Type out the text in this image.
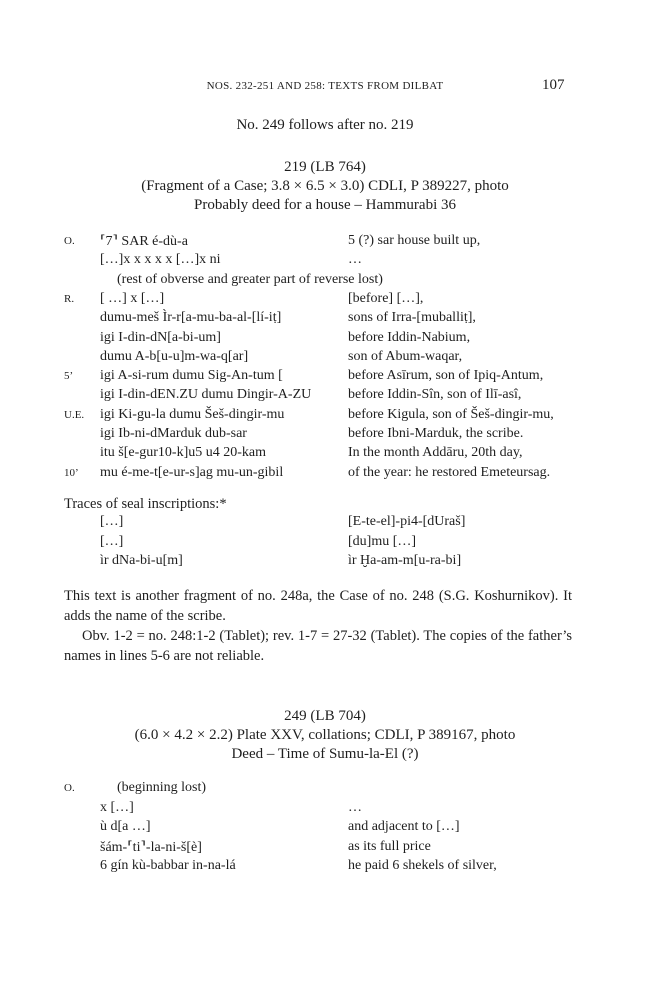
NOS. 232-251 AND 258: TEXTS FROM DILBAT	107
No. 249 follows after no. 219
219 (LB 764)
(Fragment of a Case; 3.8 × 6.5 × 3.0) CDLI, P 389227, photo
Probably deed for a house – Hammurabi 36
O. ⸢7⸣ SAR é-dù-a	5 (?) sar house built up,
[…]x x x x x […]x ni	…
(rest of obverse and greater part of reverse lost)
R. [ …] x […]	[before] […],
dumu-meš Ìr-r[a-mu-ba-al-[lí-iṭ]	sons of Irra-[muballiṭ],
igi I-din-dN[a-bi-um]	before Iddin-Nabium,
dumu A-b[u-u]m-wa-q[ar]	son of Abum-waqar,
5’ igi A-si-rum dumu Sig-An-tum [	before Asīrum, son of Ipiq-Antum,
igi I-din-dEN.ZU dumu Dingir-A-ZU	before Iddin-Sîn, son of Ilī-asî,
U.E. igi Ki-gu-la dumu Šeš-dingir-mu	before Kigula, son of Šeš-dingir-mu,
igi Ib-ni-dMarduk dub-sar	before Ibni-Marduk, the scribe.
itu š[e-gur10-k]u5 u4 20-kam	In the month Addāru, 20th day,
10’ mu é-me-t[e-ur-s]ag mu-un-gibil	of the year: he restored Emeteursag.
Traces of seal inscriptions:*
[…]	[E-te-el]-pi4-[dUraš]
[…]	[du]mu […]
ìr dNa-bi-u[m]	ìr Ḫa-am-m[u-ra-bi]
This text is another fragment of no. 248a, the Case of no. 248 (S.G. Koshurnikov). It adds the name of the scribe.
Obv. 1-2 = no. 248:1-2 (Tablet); rev. 1-7 = 27-32 (Tablet). The copies of the father’s names in lines 5-6 are not reliable.
249 (LB 704)
(6.0 × 4.2 × 2.2) Plate XXV, collations; CDLI, P 389167, photo
Deed – Time of Sumu-la-El (?)
O.	(beginning lost)
x […]	…
ù d[a …]	and adjacent to […]
šám-⸢ti⸣-la-ni-š[è]	as its full price
6 gín kù-babbar in-na-lá	he paid 6 shekels of silver,
